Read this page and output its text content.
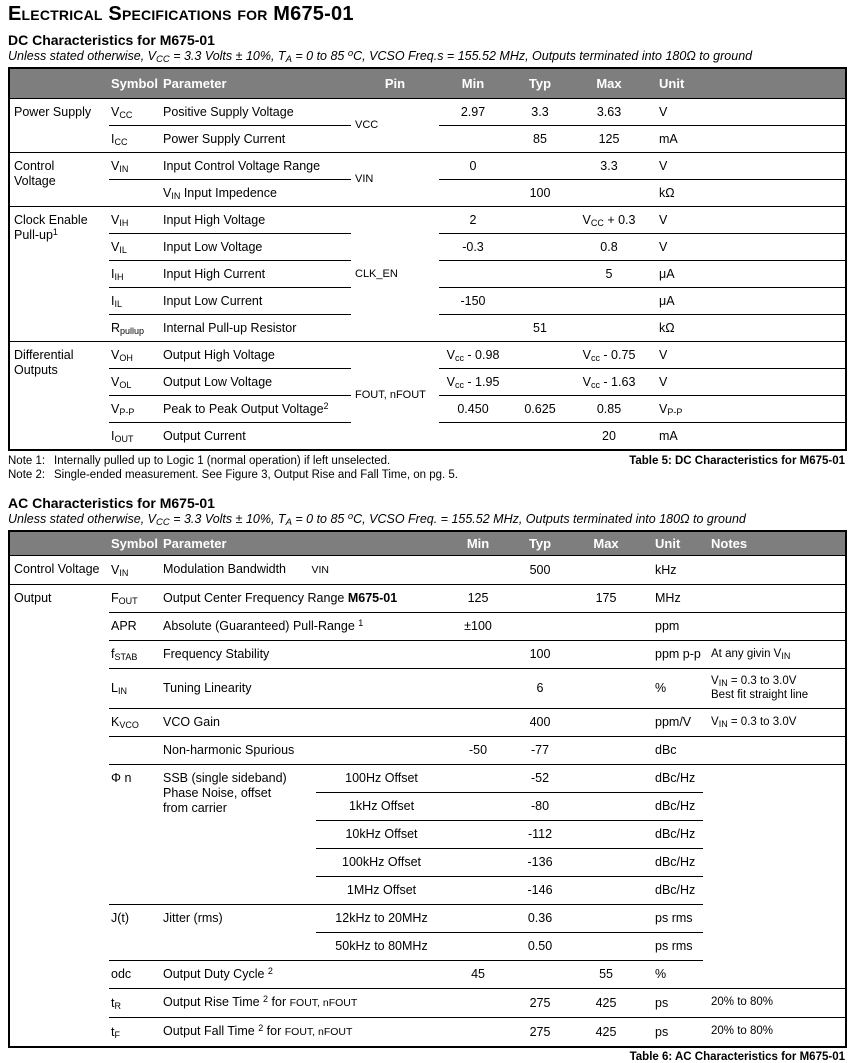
Electrical Specifications for M675-01
DC Characteristics for M675-01
Unless stated otherwise, $V_{CC} = 3.3$ Volts ± 10%, $T_A = 0$ to 85 $^o$C, VCSO Freq.s = 155.52 MHz, Outputs terminated into 180Ω to ground
	Symbol	Parameter	Pin	Min	Typ	Max	Unit	
Power Supply	$V_{CC}$	Positive Supply Voltage	VCC	2.97	3.3	3.63	V	
	$I_{CC}$	Power Supply Current			85	125	mA	
Control
Voltage	$V_{IN}$	Input Control Voltage Range	VIN	0		3.3	V	
		$V_{IN}$ Input Impedence			100		kΩ	
Clock Enable
Pull-$up^1$	$V_{IH}$	Input High Voltage	CLK_EN	2		$V_{CC} + 0.3$	V	
	$V_{IL}$	Input Low Voltage		-0.3		0.8	V	
	$I_{IH}$	Input High Current				5	μA	
	$I_{IL}$	Input Low Current		-150			μA	
	$R_{pullup}$	Internal Pull-up Resistor			51		kΩ	
Differential
Outputs	$V_{OH}$	Output High Voltage	FOUT, nFOUT	$V_{cc} - 0.98$		$V_{cc} - 0.75$	V	
	$V_{OL}$	Output Low Voltage		$V_{cc} - 1.95$		$V_{cc} - 1.63$	V	
	$V_{P-P}$	Peak to Peak Output Voltage$^2$		0.450	0.625	0.85	$V_{P-P}$	
	$I_{OUT}$	Output Current				20	mA	
Note 1: Internally pulled up to Logic 1 (normal operation) if left unselected.
Note 2: Single-ended measurement. See Figure 3, Output Rise and Fall Time, on pg. 5.
Table 5: DC Characteristics for M675-01
AC Characteristics for M675-01
Unless stated otherwise, $V_{CC} = 3.3$ Volts ± 10%, $T_A = 0$ to 85 $^o$C, VCSO Freq. = 155.52 MHz, Outputs terminated into 180Ω to ground
	Symbol	Parameter		Min	Typ	Max	Unit	Notes
Control Voltage	$V_{IN}$	Modulation Bandwidth VIN			500		kHz	
Output	$F_{OUT}$	Output Center Frequency Range M675-01		125		175	MHz	
	APR	Absolute (Guaranteed) Pull-Range $^1$		±100			ppm	
	$f_{STAB}$	Frequency Stability			100		ppm p-p	At any givin $V_{IN}$
	$L_{IN}$	Tuning Linearity			6		%	$V_{IN} = 0.3$ to 3.0V
Best fit straight line
	$K_{VCO}$	VCO Gain			400		ppm/V	$V_{IN} = 0.3$ to 3.0V
		Non-harmonic Spurious		-50	-77		dBc	
	Φ n	SSB (single sideband)
Phase Noise, offset
from carrier	100Hz Offset		-52		dBc/Hz	
			1kHz Offset		-80		dBc/Hz	
			10kHz Offset		-112		dBc/Hz	
			100kHz Offset		-136		dBc/Hz	
			1MHz Offset		-146		dBc/Hz	
	J(t)	Jitter (rms)	12kHz to 20MHz		0.36		ps rms	
			50kHz to 80MHz		0.50		ps rms	
	odc	Output Duty Cycle $^2$		45		55	%	
	$t_R$	Output Rise Time $^2$ for FOUT, nFOUT			275	425	ps	20% to 80%
	$t_F$	Output Fall Time $^2$ for FOUT, nFOUT			275	425	ps	20% to 80%
Table 6: AC Characteristics for M675-01
